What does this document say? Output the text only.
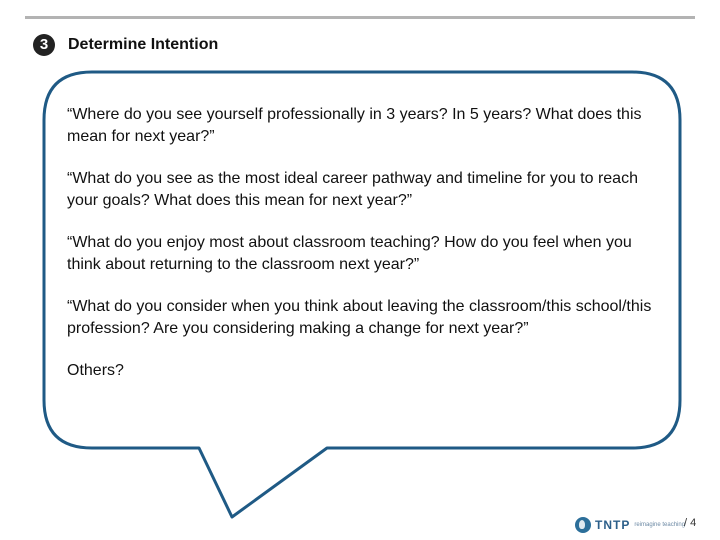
3	Determine Intention

“Where do you see yourself professionally in 3 years? In 5 years? What does this mean for next year?”

“What do you see as the most ideal career pathway and timeline for you to reach your goals? What does this mean for next year?”

“What do you enjoy most about classroom teaching? How do you feel when you think about returning to the classroom next year?”

“What do you consider when you think about leaving the classroom/this school/this profession? Are you considering making a change for next year?”

Others?

TNTP reimagine teaching
/ 4
